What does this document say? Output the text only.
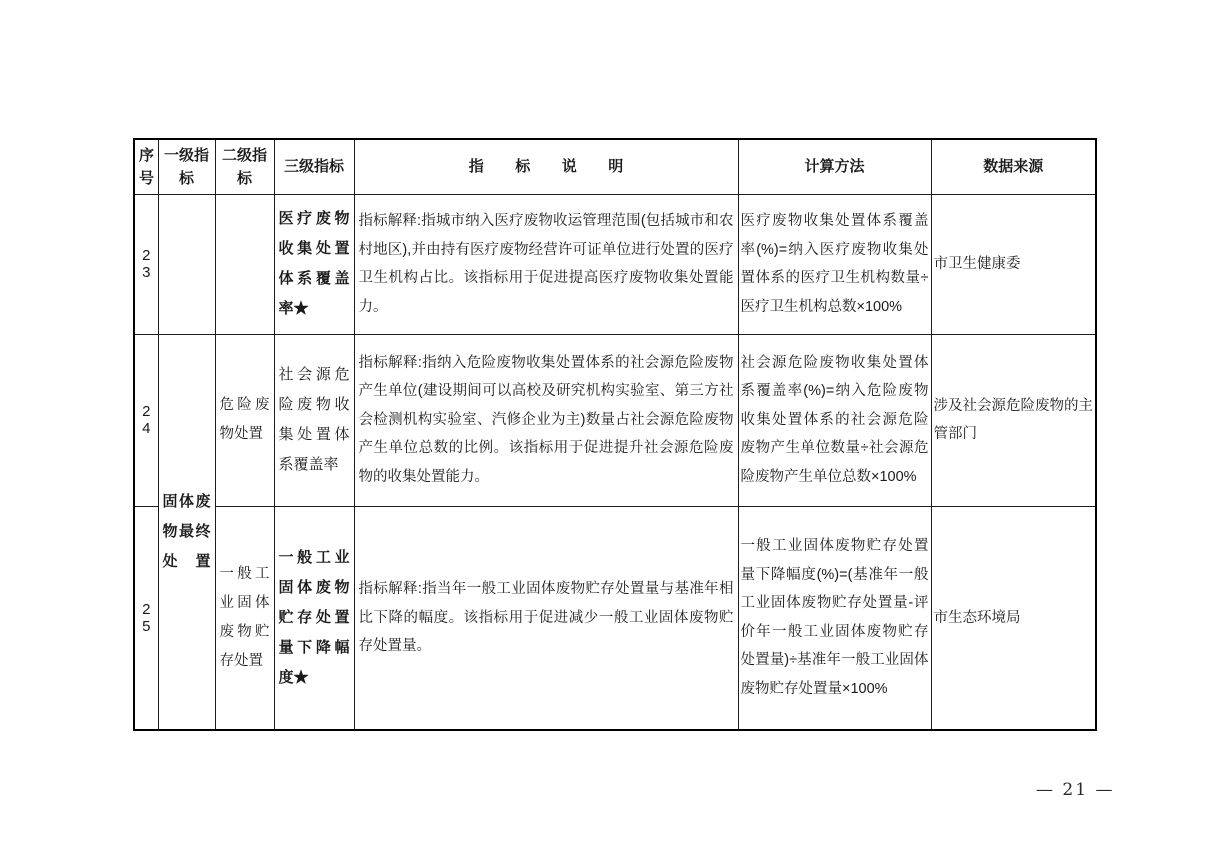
序号	一级指标	二级指标	三级指标	指标说明	计算方法	数据来源
23			医疗废物收集处置体系覆盖率★	指标解释:指城市纳入医疗废物收运管理范围(包括城市和农村地区),并由持有医疗废物经营许可证单位进行处置的医疗卫生机构占比。该指标用于促进提高医疗废物收集处置能力。	医疗废物收集处置体系覆盖率(%)=纳入医疗废物收集处置体系的医疗卫生机构数量÷医疗卫生机构总数×100%	市卫生健康委
24	固体废物最终处置	危险废物处置	社会源危险废物收集处置体系覆盖率	指标解释:指纳入危险废物收集处置体系的社会源危险废物产生单位(建设期间可以高校及研究机构实验室、第三方社会检测机构实验室、汽修企业为主)数量占社会源危险废物产生单位总数的比例。该指标用于促进提升社会源危险废物的收集处置能力。	社会源危险废物收集处置体系覆盖率(%)=纳入危险废物收集处置体系的社会源危险废物产生单位数量÷社会源危险废物产生单位总数×100%	涉及社会源危险废物的主管部门
25		一般工业固体废物贮存处置	一般工业固体废物贮存处置量下降幅度★	指标解释:指当年一般工业固体废物贮存处置量与基准年相比下降的幅度。该指标用于促进减少一般工业固体废物贮存处置量。	一般工业固体废物贮存处置量下降幅度(%)=(基准年一般工业固体废物贮存处置量-评价年一般工业固体废物贮存处置量)÷基准年一般工业固体废物贮存处置量×100%	市生态环境局
— 21 —
